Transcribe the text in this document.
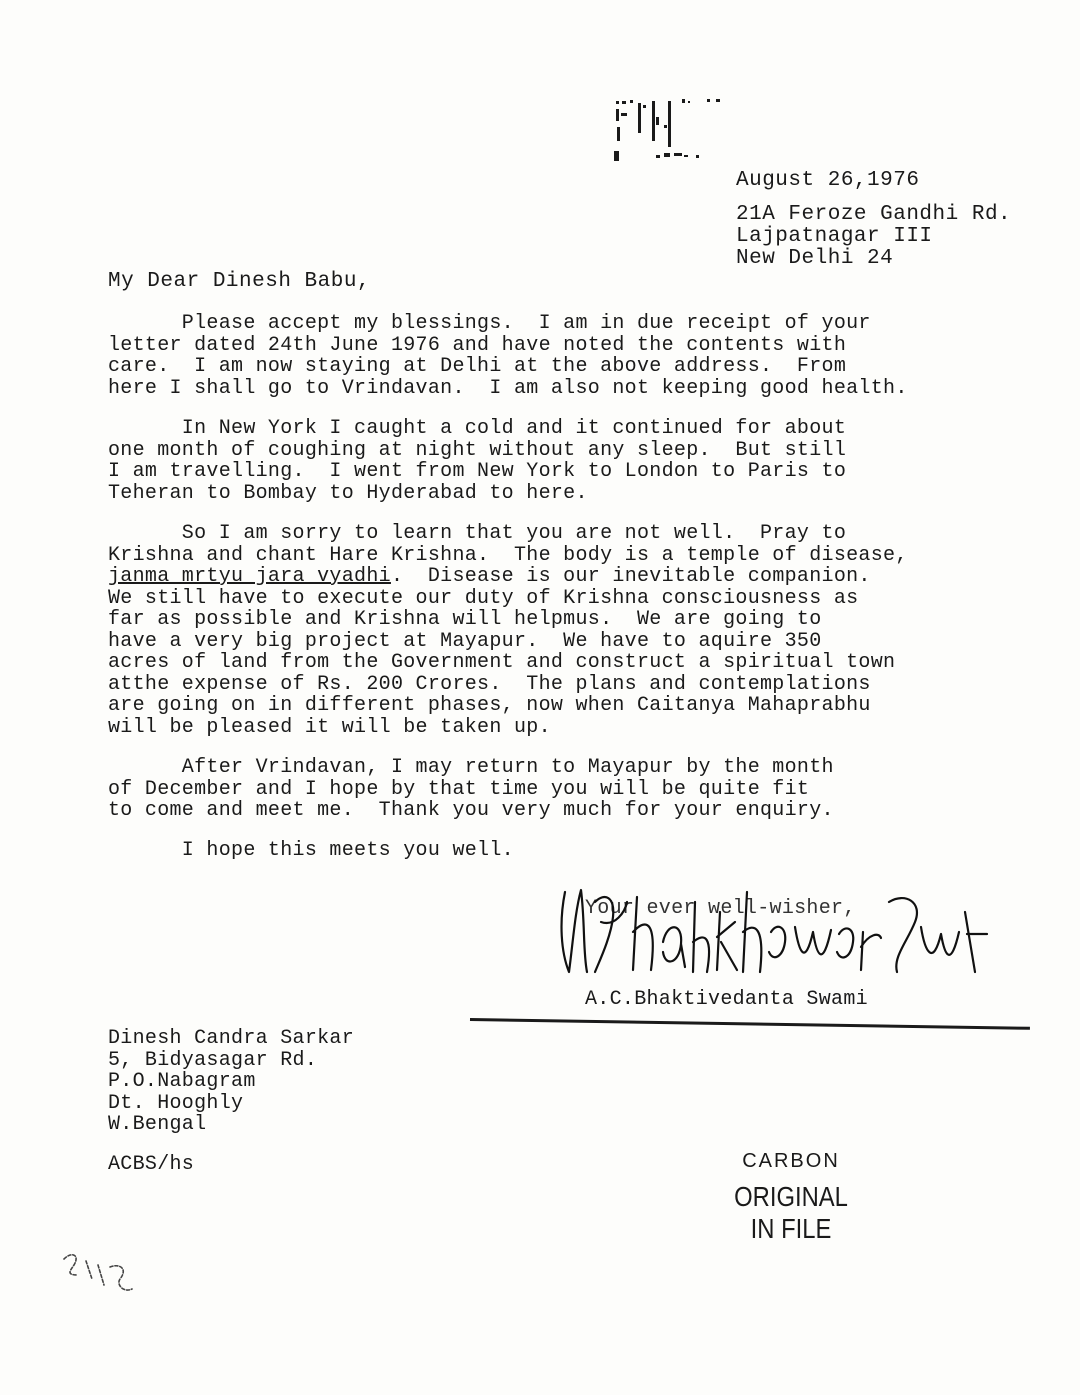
August 26,1976
21A Feroze Gandhi Rd.
Lajpatnagar III
New Delhi 24
My Dear Dinesh Babu,
Please accept my blessings.  I am in due receipt of your
letter dated 24th June 1976 and have noted the contents with
care.  I am now staying at Delhi at the above address.  From
here I shall go to Vrindavan.  I am also not keeping good health.
In New York I caught a cold and it continued for about
one month of coughing at night without any sleep.  But still
I am travelling.  I went from New York to London to Paris to
Teheran to Bombay to Hyderabad to here.
So I am sorry to learn that you are not well.  Pray to
Krishna and chant Hare Krishna.  The body is a temple of disease,
janma mrtyu jara vyadhi.  Disease is our inevitable companion.
We still have to execute our duty of Krishna consciousness as
far as possible and Krishna will helpmus.  We are going to
have a very big project at Mayapur.  We have to aquire 350
acres of land from the Government and construct a spiritual town
atthe expense of Rs. 200 Crores.  The plans and contemplations
are going on in different phases, now when Caitanya Mahaprabhu
will be pleased it will be taken up.
After Vrindavan, I may return to Mayapur by the month
of December and I hope by that time you will be quite fit
to come and meet me.  Thank you very much for your enquiry.
I hope this meets you well.
Your ever well-wisher,
A.C.Bhaktivedanta Swami
Dinesh Candra Sarkar
5, Bidyasagar Rd.
P.O.Nabagram
Dt. Hooghly
W.Bengal
ACBS/hs	CARBON
ORIGINAL
IN FILE
